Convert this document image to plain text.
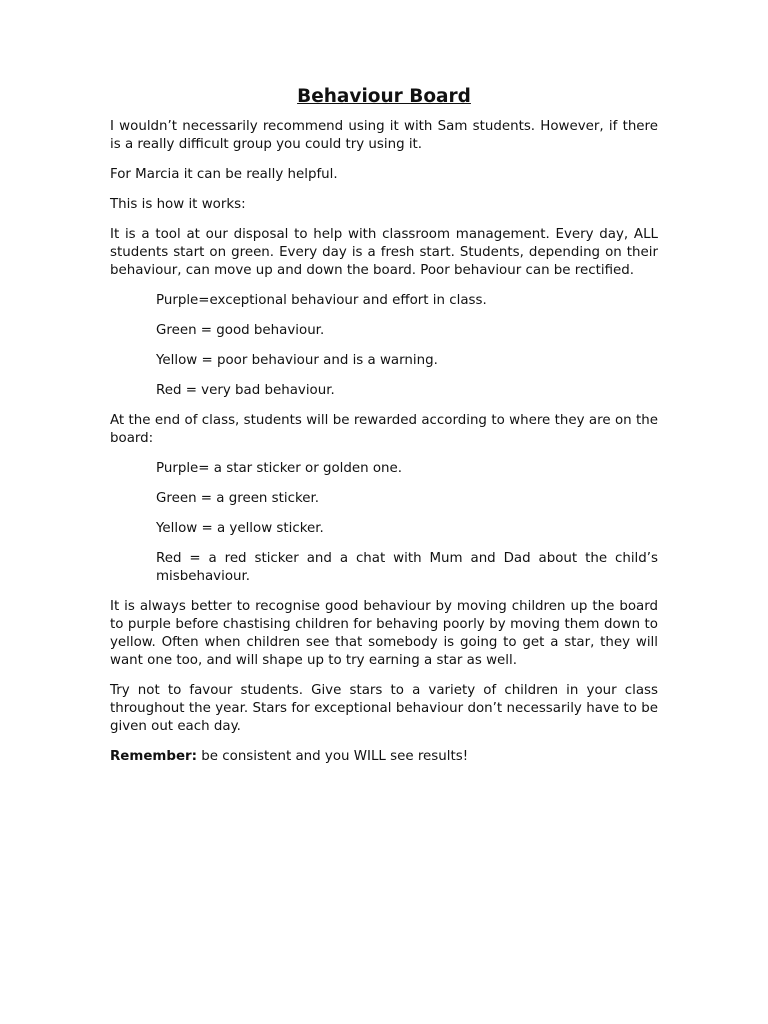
Behaviour Board

I wouldn’t necessarily recommend using it with Sam students. However, if there is a really difficult group you could try using it.

For Marcia it can be really helpful.

This is how it works:

It is a tool at our disposal to help with classroom management. Every day, ALL students start on green. Every day is a fresh start. Students, depending on their behaviour, can move up and down the board. Poor behaviour can be rectified.

Purple=exceptional behaviour and effort in class.

Green = good behaviour.

Yellow = poor behaviour and is a warning.

Red = very bad behaviour.

At the end of class, students will be rewarded according to where they are on the board:

Purple= a star sticker or golden one.

Green = a green sticker.

Yellow = a yellow sticker.

Red = a red sticker and a chat with Mum and Dad about the child’s misbehaviour.

It is always better to recognise good behaviour by moving children up the board to purple before chastising children for behaving poorly by moving them down to yellow. Often when children see that somebody is going to get a star, they will want one too, and will shape up to try earning a star as well.

Try not to favour students. Give stars to a variety of children in your class throughout the year. Stars for exceptional behaviour don’t necessarily have to be given out each day.

Remember: be consistent and you WILL see results!
